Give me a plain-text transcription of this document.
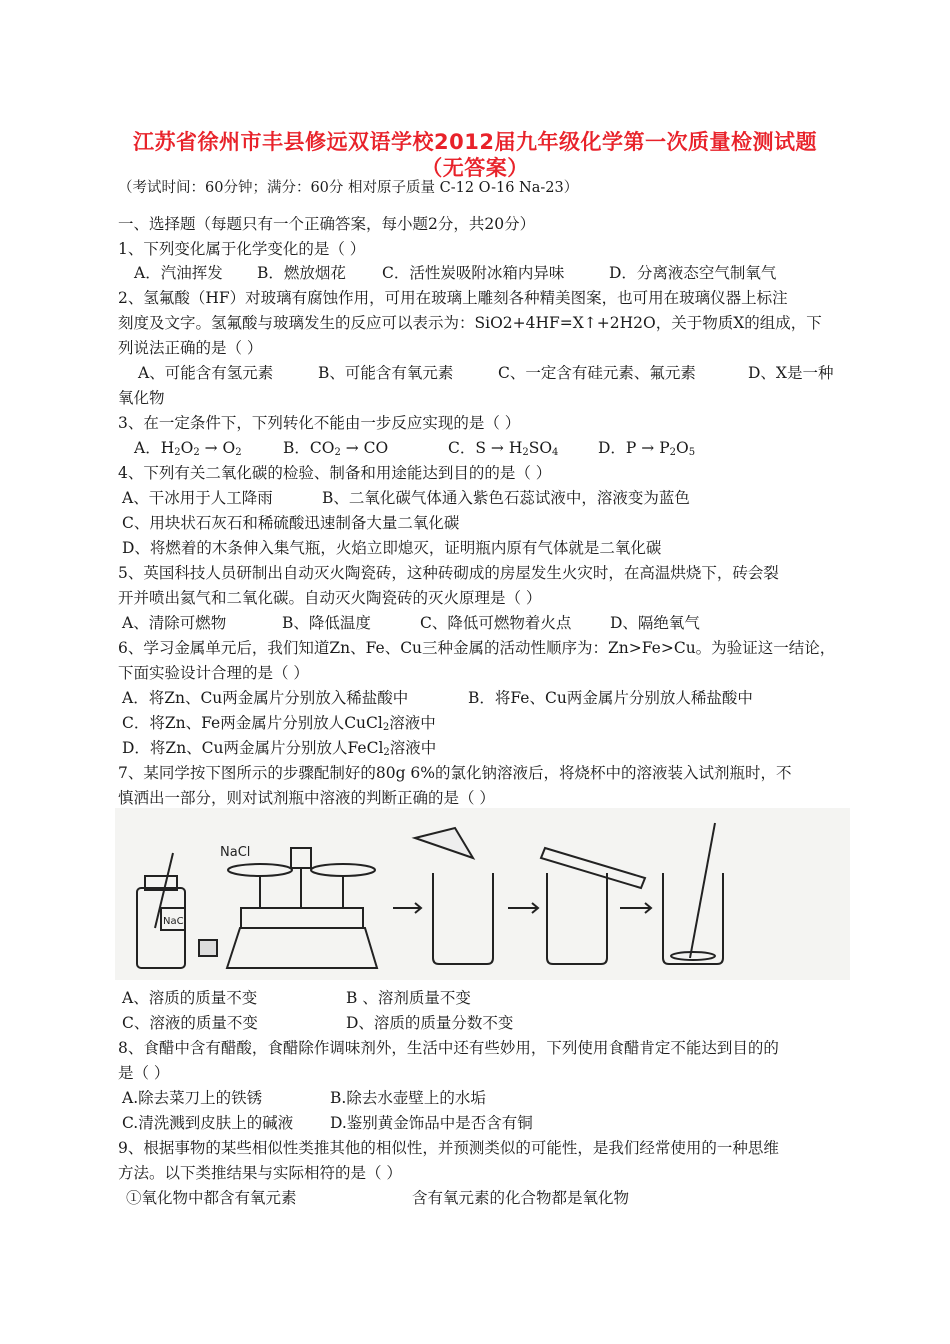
江苏省徐州市丰县修远双语学校2012届九年级化学第一次质量检测试题
（无答案）
（考试时间：60分钟；满分：60分 相对原子质量 C-12 O-16 Na-23）
一、选择题（每题只有一个正确答案，每小题2分，共20分）
1、下列变化属于化学变化的是（ ）
A．汽油挥发 B．燃放烟花 C．活性炭吸附冰箱内异味	D．分离液态空气制氧气
2、氢氟酸（HF）对玻璃有腐蚀作用，可用在玻璃上雕刻各种精美图案，也可用在玻璃仪器上标注
刻度及文字。氢氟酸与玻璃发生的反应可以表示为：SiO2+4HF=X↑+2H2O，关于物质X的组成，下
列说法正确的是（ ）
A、可能含有氢元素	B、可能含有氧元素	C、一定含有硅元素、氟元素	D、X是一种
氧化物
3、在一定条件下，下列转化不能由一步反应实现的是（ ）
A．$H_2O_2 \to O_2$	B．$CO_2$ → CO	C．$S \to H_2SO_4$	D．$P \to P_2O_5$
4、下列有关二氧化碳的检验、制备和用途能达到目的的是（ ）
A、干冰用于人工降雨	B、二氧化碳气体通入紫色石蕊试液中，溶液变为蓝色
C、用块状石灰石和稀硫酸迅速制备大量二氧化碳
D、将燃着的木条伸入集气瓶，火焰立即熄灭，证明瓶内原有气体就是二氧化碳
5、英国科技人员研制出自动灭火陶瓷砖，这种砖砌成的房屋发生火灾时，在高温烘烧下，砖会裂
开并喷出氦气和二氧化碳。自动灭火陶瓷砖的灭火原理是（ ）
A、清除可燃物	B、降低温度	C、降低可燃物着火点 D、隔绝氧气
6、学习金属单元后，我们知道Zn、Fe、Cu三种金属的活动性顺序为：Zn>Fe>Cu。为验证这一结论，
下面实验设计合理的是（ ）
A．将Zn、Cu两金属片分别放入稀盐酸中	B．将Fe、Cu两金属片分别放人稀盐酸中
C．将Zn、Fe两金属片分别放人CuCl$_2$溶液中
D．将Zn、Cu两金属片分别放人FeCl$_2$溶液中
7、某同学按下图所示的步骤配制好的80g 6%的氯化钠溶液后，将烧杯中的溶液装入试剂瓶时，不
慎洒出一部分，则对试剂瓶中溶液的判断正确的是（ ）
NaCl
NaCl
A、溶质的质量不变	B 、溶剂质量不变
C、溶液的质量不变	D、溶质的质量分数不变
8、食醋中含有醋酸，食醋除作调味剂外，生活中还有些妙用，下列使用食醋肯定不能达到目的的
是（ ）
A.除去菜刀上的铁锈	B.除去水壶壁上的水垢
C.清洗溅到皮肤上的碱液 D.鉴别黄金饰品中是否含有铜
9、根据事物的某些相似性类推其他的相似性，并预测类似的可能性，是我们经常使用的一种思维
方法。以下类推结果与实际相符的是（ ）
①氧化物中都含有氧元素	含有氧元素的化合物都是氧化物
